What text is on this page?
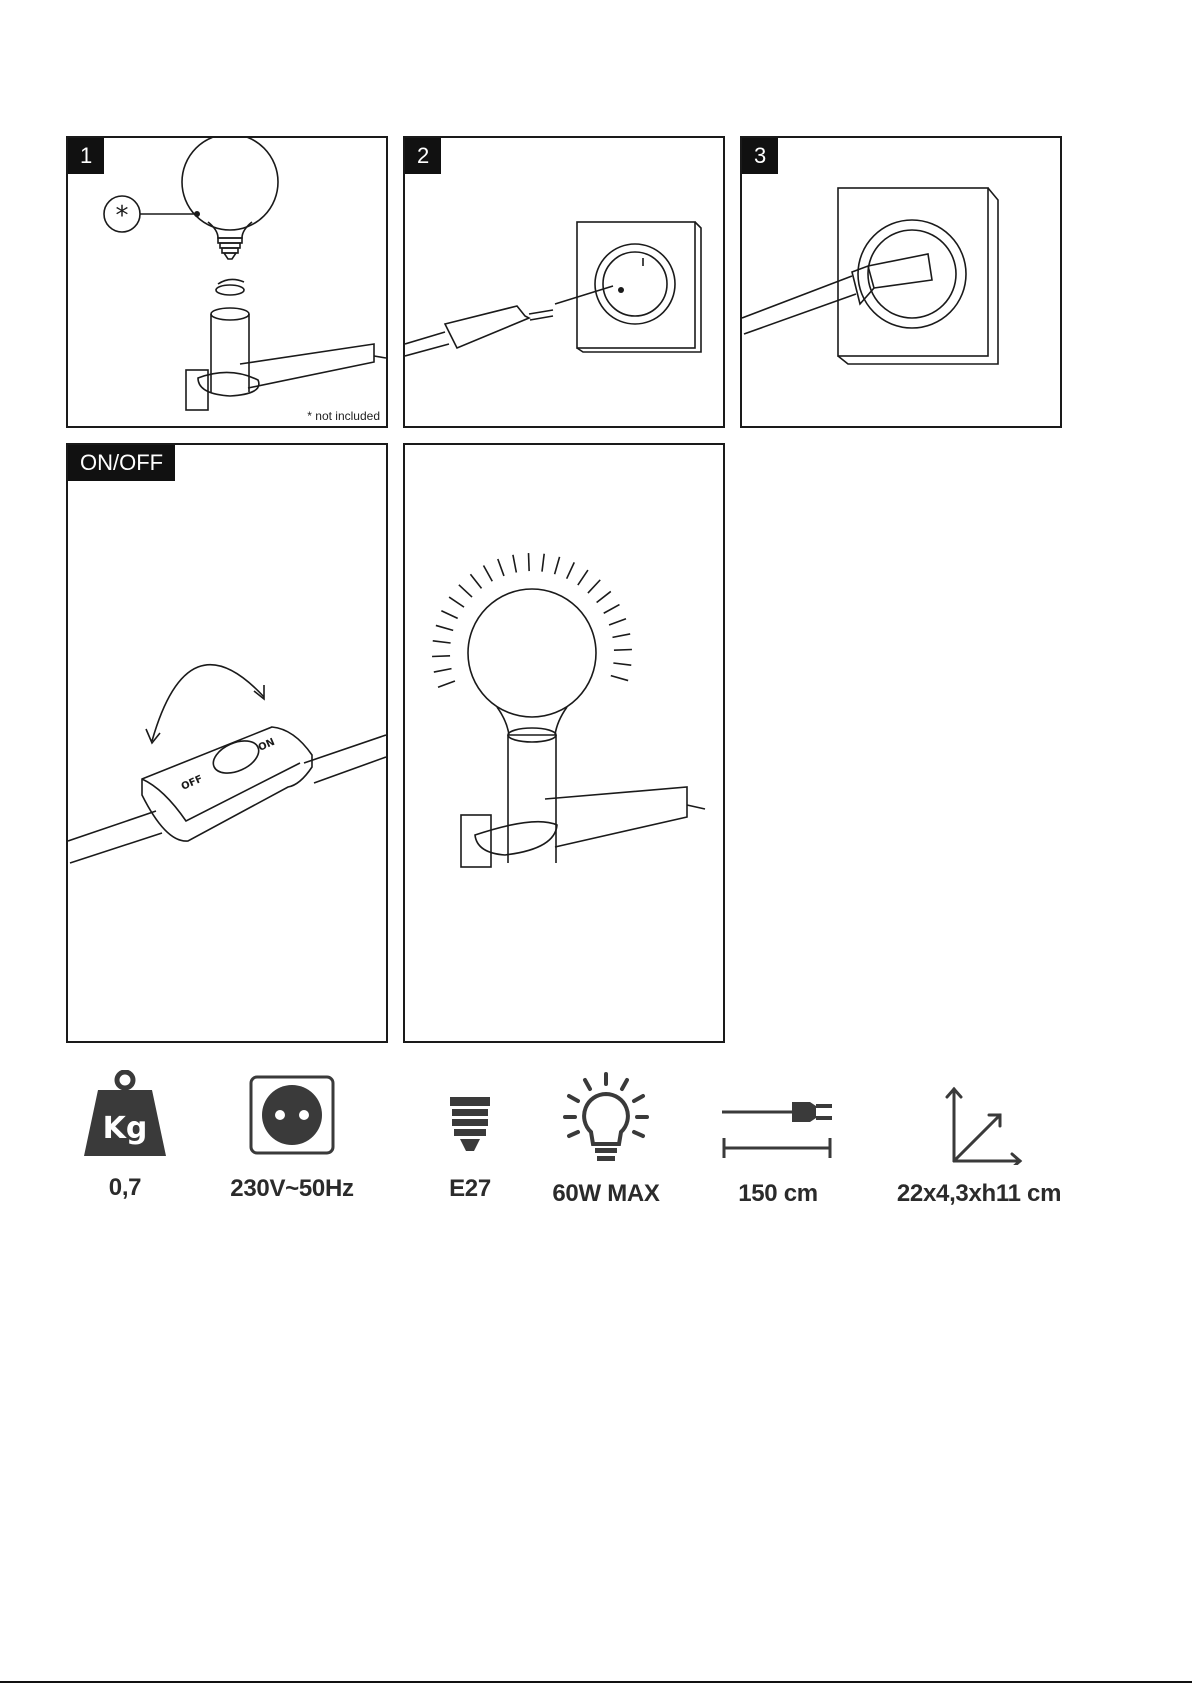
*
1
* not included
2	3
OFF
ON
ON/OFF
Kg
0,7	230V~50Hz	E27	60W MAX	150 cm	22x4,3xh11 cm
